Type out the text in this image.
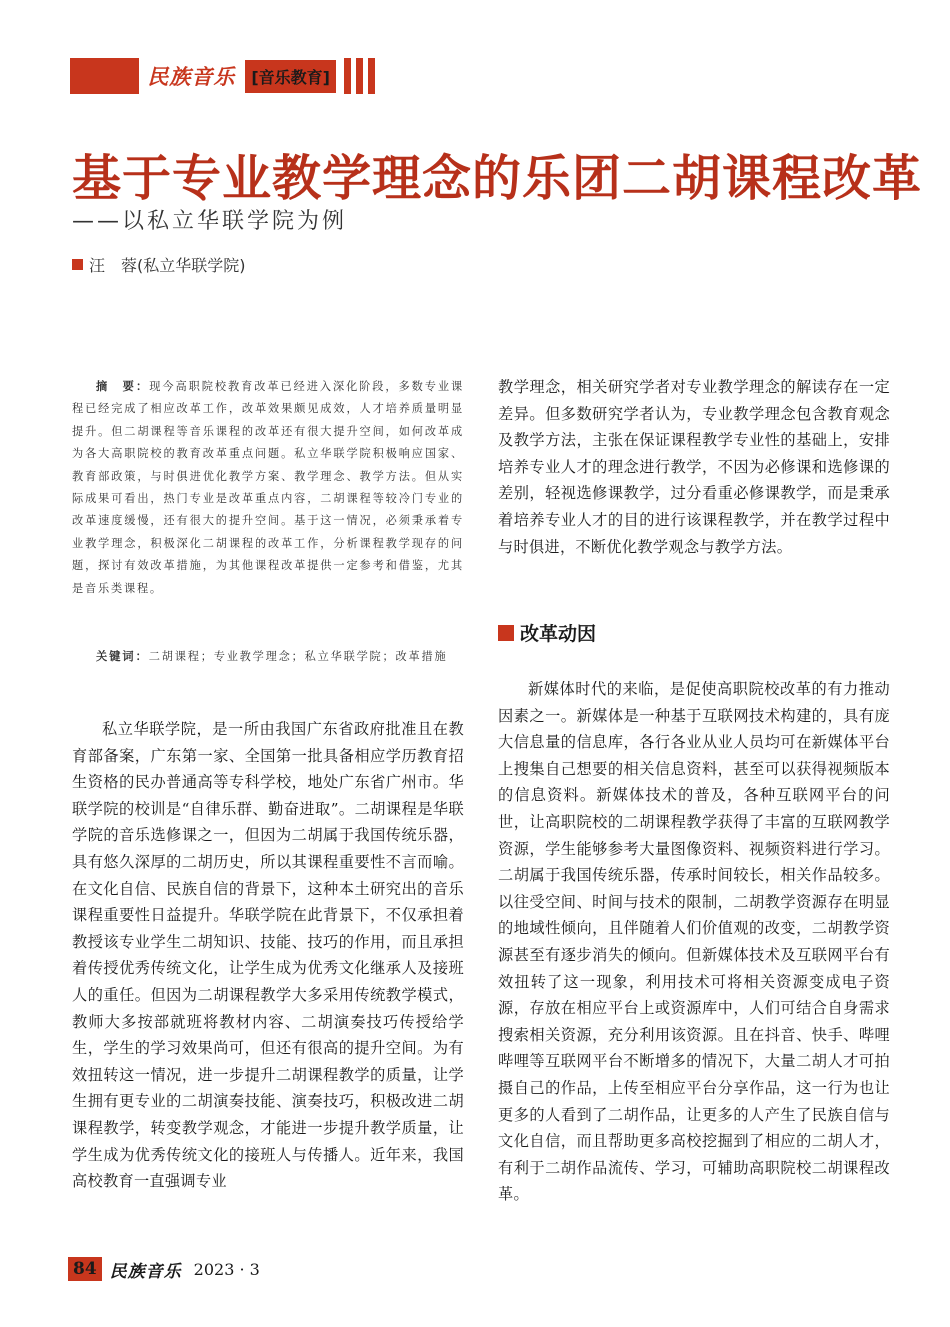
民族音乐	[音乐教育]
基于专业教学理念的乐团二胡课程改革
——以私立华联学院为例
汪　蓉(私立华联学院)
摘　要：现今高职院校教育改革已经进入深化阶段，多数专业课程已经完成了相应改革工作，改革效果颇见成效，人才培养质量明显提升。但二胡课程等音乐课程的改革还有很大提升空间，如何改革成为各大高职院校的教育改革重点问题。私立华联学院积极响应国家、教育部政策，与时俱进优化教学方案、教学理念、教学方法。但从实际成果可看出，热门专业是改革重点内容，二胡课程等较冷门专业的改革速度缓慢，还有很大的提升空间。基于这一情况，必须秉承着专业教学理念，积极深化二胡课程的改革工作，分析课程教学现存的问题，探讨有效改革措施，为其他课程改革提供一定参考和借鉴，尤其是音乐类课程。
关键词：二胡课程；专业教学理念；私立华联学院；改革措施
私立华联学院，是一所由我国广东省政府批准且在教育部备案，广东第一家、全国第一批具备相应学历教育招生资格的民办普通高等专科学校，地处广东省广州市。华联学院的校训是“自律乐群、勤奋进取”。二胡课程是华联学院的音乐选修课之一，但因为二胡属于我国传统乐器，具有悠久深厚的二胡历史，所以其课程重要性不言而喻。在文化自信、民族自信的背景下，这种本土研究出的音乐课程重要性日益提升。华联学院在此背景下，不仅承担着教授该专业学生二胡知识、技能、技巧的作用，而且承担着传授优秀传统文化，让学生成为优秀文化继承人及接班人的重任。但因为二胡课程教学大多采用传统教学模式，教师大多按部就班将教材内容、二胡演奏技巧传授给学生，学生的学习效果尚可，但还有很高的提升空间。为有效扭转这一情况，进一步提升二胡课程教学的质量，让学生拥有更专业的二胡演奏技能、演奏技巧，积极改进二胡课程教学，转变教学观念，才能进一步提升教学质量，让学生成为优秀传统文化的接班人与传播人。近年来，我国高校教育一直强调专业
教学理念，相关研究学者对专业教学理念的解读存在一定差异。但多数研究学者认为，专业教学理念包含教育观念及教学方法，主张在保证课程教学专业性的基础上，安排培养专业人才的理念进行教学，不因为必修课和选修课的差别，轻视选修课教学，过分看重必修课教学，而是秉承着培养专业人才的目的进行该课程教学，并在教学过程中与时俱进，不断优化教学观念与教学方法。
改革动因
新媒体时代的来临，是促使高职院校改革的有力推动因素之一。新媒体是一种基于互联网技术构建的，具有庞大信息量的信息库，各行各业从业人员均可在新媒体平台上搜集自己想要的相关信息资料，甚至可以获得视频版本的信息资料。新媒体技术的普及，各种互联网平台的问世，让高职院校的二胡课程教学获得了丰富的互联网教学资源，学生能够参考大量图像资料、视频资料进行学习。二胡属于我国传统乐器，传承时间较长，相关作品较多。以往受空间、时间与技术的限制，二胡教学资源存在明显的地域性倾向，且伴随着人们价值观的改变，二胡教学资源甚至有逐步消失的倾向。但新媒体技术及互联网平台有效扭转了这一现象，利用技术可将相关资源变成电子资源，存放在相应平台上或资源库中，人们可结合自身需求搜索相关资源，充分利用该资源。且在抖音、快手、哔哩哔哩等互联网平台不断增多的情况下，大量二胡人才可拍摄自己的作品，上传至相应平台分享作品，这一行为也让更多的人看到了二胡作品，让更多的人产生了民族自信与文化自信，而且帮助更多高校挖掘到了相应的二胡人才，有利于二胡作品流传、学习，可辅助高职院校二胡课程改革。
84 民族音乐 2023 · 3
